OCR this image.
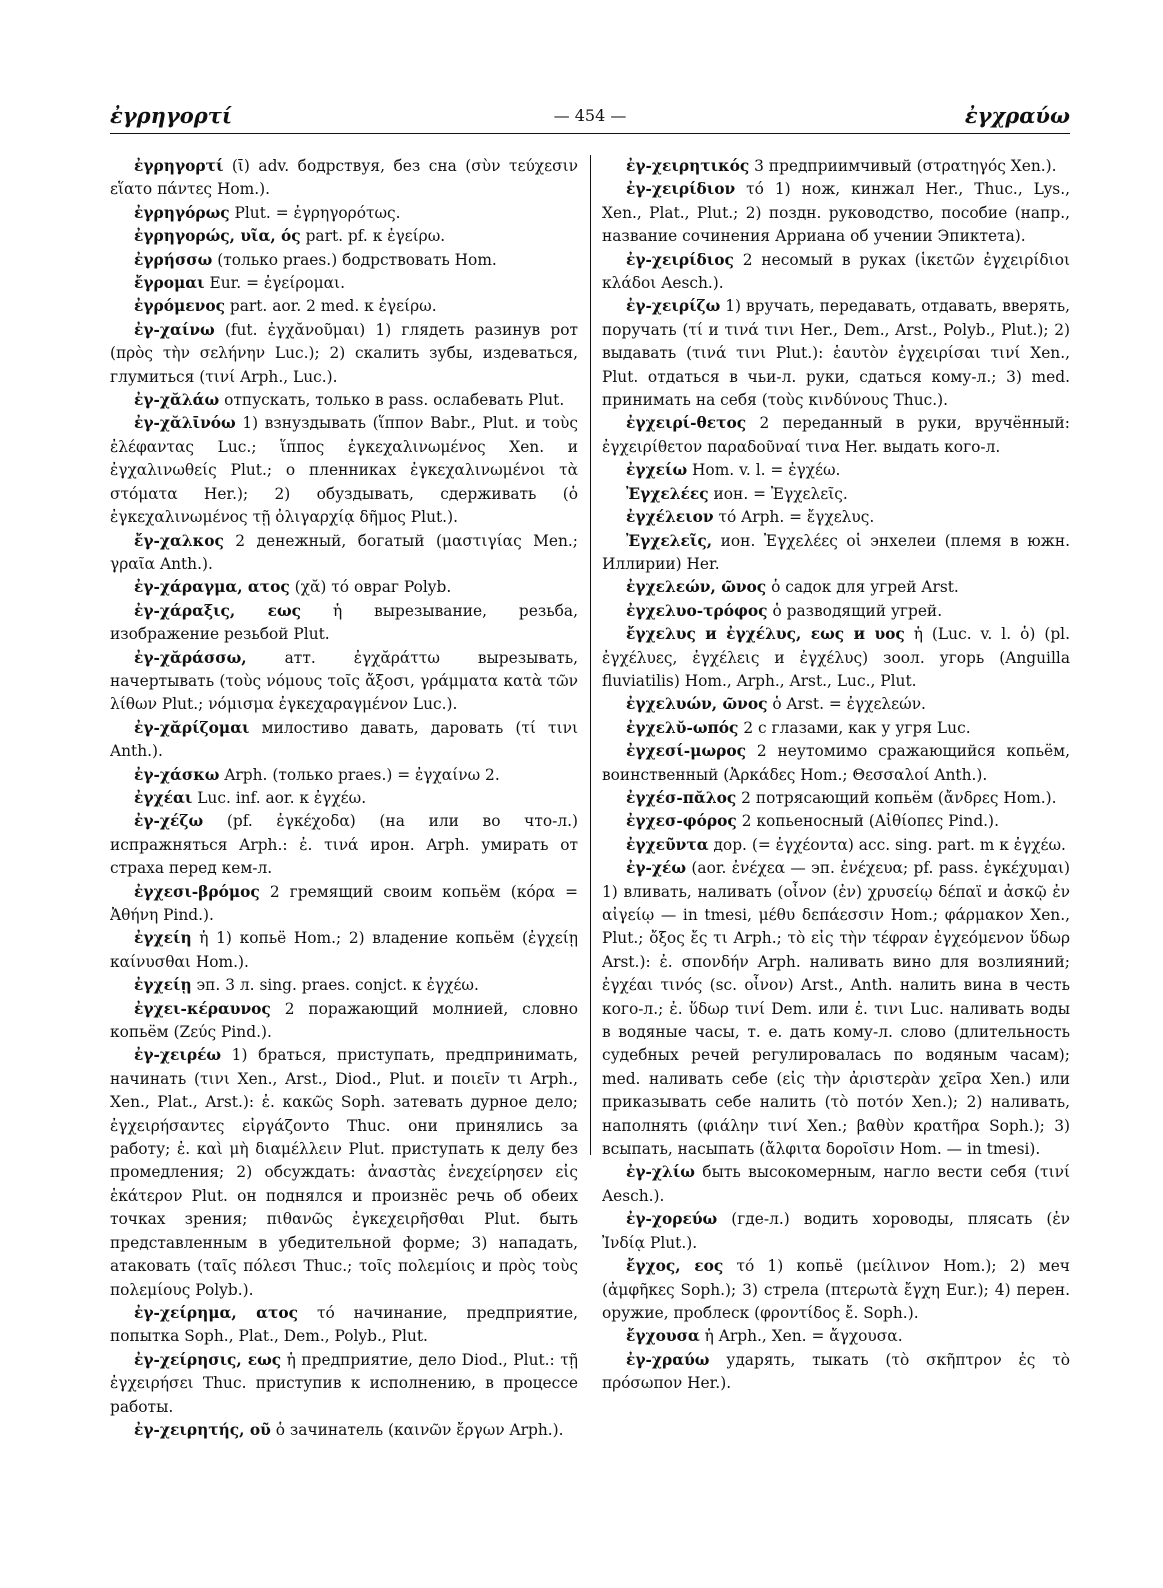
ἐγρηγορτί	— 454 —	ἐγχραύω

ἐγρηγορτί (ῑ) adv. бодрствуя, без сна (σὺν τεύχεσιν εἵατο πάντες Hom.).

ἐγρηγόρως Plut. = ἐγρηγορότως.

ἐγρηγορώς, υῖα, ός part. pf. к ἐγείρω.

ἐγρήσσω (только praes.) бодрствовать Hom.

ἔγρομαι Eur. = ἐγείρομαι.

ἐγρόμενος part. aor. 2 med. к ἐγείρω.

ἐγ-χαίνω (fut. ἐγχᾰνοῦμαι) 1) глядеть разинув рот (πρὸς τὴν σελήνην Luc.); 2) скалить зубы, издеваться, глумиться (τινί Arph., Luc.).

ἐγ-χᾰλάω отпускать, только в pass. ослабевать Plut.

ἐγ-χᾰλῑνόω 1) взнуздывать (ἵππον Babr., Plut. и τοὺς ἐλέφαντας Luc.; ἵππος ἐγκεχαλινωμένος Xen. и ἐγχαλινωθείς Plut.; о пленниках ἐγκεχαλινωμένοι τὰ στόματα Her.); 2) обуздывать, сдерживать (ὁ ἐγκεχαλινωμένος τῇ ὀλιγαρχίᾳ δῆμος Plut.).

ἔγ-χαλκος 2 денежный, богатый (μαστιγίας Men.; γραῖα Anth.).

ἐγ-χάραγμα, ατος (χᾰ) τό овраг Polyb.

ἐγ-χάραξις, εως ἡ вырезывание, резьба, изображение резьбой Plut.

ἐγ-χᾰράσσω, атт. ἐγχᾰράττω вырезывать, начертывать (τοὺς νόμους τοῖς ἄξοσι, γράμματα κατὰ τῶν λίθων Plut.; νόμισμα ἐγκεχαραγμένον Luc.).

ἐγ-χᾰρίζομαι милостиво давать, даровать (τί τινι Anth.).

ἐγ-χάσκω Arph. (только praes.) = ἐγχαίνω 2.

ἐγχέαι Luc. inf. aor. к ἐγχέω.

ἐγ-χέζω (pf. ἐγκέχοδα) (на или во что-л.) испражняться Arph.: ἐ. τινά ирон. Arph. умирать от страха перед кем-л.

ἐγχεσι-βρόμος 2 гремящий своим копьём (κόρα = Ἀθήνη Pind.).

ἐγχείη ἡ 1) копьё Hom.; 2) владение копьём (ἐγχείῃ καίνυσθαι Hom.).

ἐγχείῃ эп. 3 л. sing. praes. conjct. к ἐγχέω.

ἐγχει-κέραυνος 2 поражающий молнией, словно копьём (Ζεύς Pind.).

ἐγ-χειρέω 1) браться, приступать, предпринимать, начинать (τινι Xen., Arst., Diod., Plut. и ποιεῖν τι Arph., Xen., Plat., Arst.): ἐ. κακῶς Soph. затевать дурное дело; ἐγχειρήσαντες εἰργάζοντο Thuc. они принялись за работу; ἐ. καὶ μὴ διαμέλλειν Plut. приступать к делу без промедления; 2) обсуждать: ἀναστὰς ἐνεχείρησεν εἰς ἑκάτερον Plut. он поднялся и произнёс речь об обеих точках зрения; πιθανῶς ἐγκεχειρῆσθαι Plut. быть представленным в убедительной форме; 3) нападать, атаковать (ταῖς πόλεσι Thuc.; τοῖς πολεμίοις и πρὸς τοὺς πολεμίους Polyb.).

ἐγ-χείρημα, ατος τό начинание, предприятие, попытка Soph., Plat., Dem., Polyb., Plut.

ἐγ-χείρησις, εως ἡ предприятие, дело Diod., Plut.: τῇ ἐγχειρήσει Thuc. приступив к исполнению, в процессе работы.

ἐγ-χειρητής, οῦ ὁ зачинатель (καινῶν ἔργων Arph.).

ἐγ-χειρητικός 3 предприимчивый (στρατηγός Xen.).

ἐγ-χειρίδιον τό 1) нож, кинжал Her., Thuc., Lys., Xen., Plat., Plut.; 2) поздн. руководство, пособие (напр., название сочинения Арриана об учении Эпиктета).

ἐγ-χειρίδιος 2 несомый в руках (ἱκετῶν ἐγχειρίδιοι κλάδοι Aesch.).

ἐγ-χειρίζω 1) вручать, передавать, отдавать, вверять, поручать (τί и τινά τινι Her., Dem., Arst., Polyb., Plut.); 2) выдавать (τινά τινι Plut.): ἑαυτὸν ἐγχειρίσαι τινί Xen., Plut. отдаться в чьи-л. руки, сдаться кому-л.; 3) med. принимать на себя (τοὺς κινδύνους Thuc.).

ἐγχειρί-θετος 2 переданный в руки, вручённый: ἐγχειρίθετον παραδοῦναί τινα Her. выдать кого-л.

ἐγχείω Hom. v. l. = ἐγχέω.

Ἐγχελέες ион. = Ἐγχελεῖς.

ἐγχέλειον τό Arph. = ἔγχελυς.

Ἐγχελεῖς, ион. Ἐγχελέες οἱ энхелеи (племя в южн. Иллирии) Her.

ἐγχελεών, ῶνος ὁ садок для угрей Arst.

ἐγχελυο-τρόφος ὁ разводящий угрей.

ἔγχελυς и ἐγχέλυς, εως и υος ἡ (Luc. v. l. ὁ) (pl. ἐγχέλυες, ἐγχέλεις и ἐγχέλυς) зоол. угорь (Anguilla fluviatilis) Hom., Arph., Arst., Luc., Plut.

ἐγχελυών, ῶνος ὁ Arst. = ἐγχελεών.

ἐγχελῠ-ωπός 2 с глазами, как у угря Luc.

ἐγχεσί-μωρος 2 неутомимо сражающийся копьём, воинственный (Ἀρκάδες Hom.; Θεσσαλοί Anth.).

ἐγχέσ-πᾰλος 2 потрясающий копьём (ἄνδρες Hom.).

ἐγχεσ-φόρος 2 копьеносный (Αἰθίοπες Pind.).

ἐγχεῦντα дор. (= ἐγχέοντα) acc. sing. part. m к ἐγχέω.

ἐγ-χέω (aor. ἐνέχεα — эп. ἐνέχευα; pf. pass. ἐγκέχυμαι) 1) вливать, наливать (οἶνον (ἐν) χρυσείῳ δέπαϊ и ἀσκῷ ἐν αἰγείῳ — in tmesi, μέθυ δεπάεσσιν Hom.; φάρμακον Xen., Plut.; ὄξος ἔς τι Arph.; τὸ εἰς τὴν τέφραν ἐγχεόμενον ὕδωρ Arst.): ἐ. σπονδήν Arph. наливать вино для возлияний; ἐγχέαι τινός (sc. οἶνον) Arst., Anth. налить вина в честь кого-л.; ἐ. ὕδωρ τινί Dem. или ἐ. τινι Luc. наливать воды в водяные часы, т. е. дать кому-л. слово (длительность судебных речей регулировалась по водяным часам); med. наливать себе (εἰς τὴν ἀριστερὰν χεῖρα Xen.) или приказывать себе налить (τὸ ποτόν Xen.); 2) наливать, наполнять (φιάλην τινί Xen.; βαθὺν κρατῆρα Soph.); 3) всыпать, насыпать (ἄλφιτα δοροῖσιν Hom. — in tmesi).

ἐγ-χλίω быть высокомерным, нагло вести себя (τινί Aesch.).

ἐγ-χορεύω (где-л.) водить хороводы, плясать (ἐν Ἰνδίᾳ Plut.).

ἔγχος, εος τό 1) копьё (μείλινον Hom.); 2) меч (ἀμφῆκες Soph.); 3) стрела (πτερωτὰ ἔγχη Eur.); 4) перен. оружие, проблеск (φροντίδος ἔ. Soph.).

ἔγχουσα ἡ Arph., Xen. = ἄγχουσα.

ἐγ-χραύω ударять, тыкать (τὸ σκῆπτρον ἐς τὸ πρόσωπον Her.).
